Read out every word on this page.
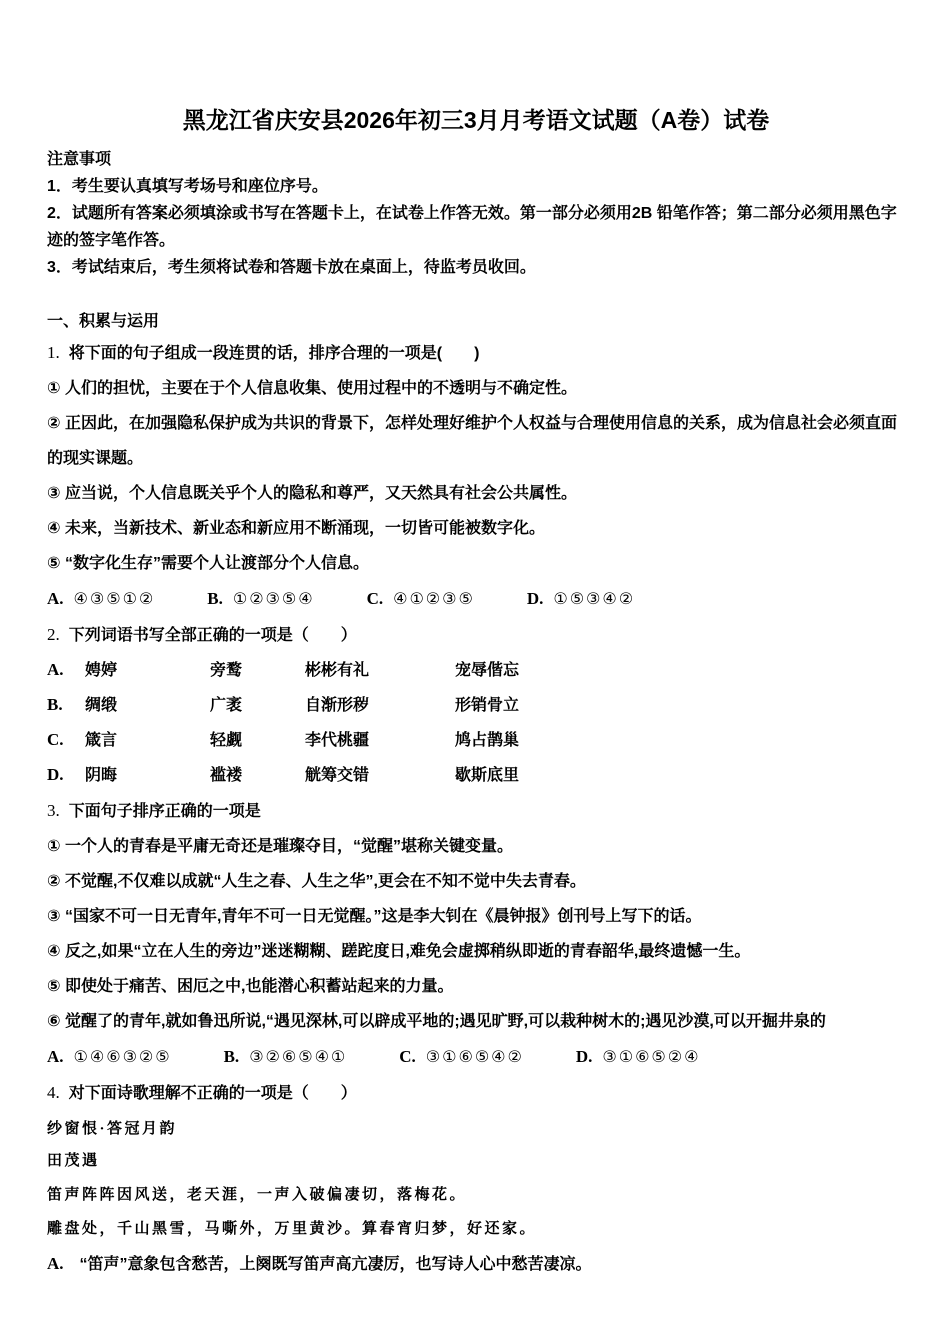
黑龙江省庆安县2026年初三3月月考语文试题（A卷）试卷

注意事项

1．考生要认真填写考场号和座位序号。

2．试题所有答案必须填涂或书写在答题卡上，在试卷上作答无效。第一部分必须用2B 铅笔作答；第二部分必须用黑色字迹的签字笔作答。

3．考试结束后，考生须将试卷和答题卡放在桌面上，待监考员收回。

一、积累与运用

1. 将下面的句子组成一段连贯的话，排序合理的一项是(　　)

① 人们的担忧，主要在于个人信息收集、使用过程中的不透明与不确定性。

② 正因此，在加强隐私保护成为共识的背景下，怎样处理好维护个人权益与合理使用信息的关系，成为信息社会必须直面的现实课题。

③ 应当说，个人信息既关乎个人的隐私和尊严，又天然具有社会公共属性。

④ 未来，当新技术、新业态和新应用不断涌现，一切皆可能被数字化。

⑤ “数字化生存”需要个人让渡部分个人信息。

A. ④③⑤①②	B. ①②③⑤④	C. ④①②③⑤	D. ①⑤③④②

2. 下列词语书写全部正确的一项是（　　）

A. 娉婷	旁鹜	彬彬有礼	宠辱偕忘

B. 绸缎	广袤	自渐形秽	形销骨立

C. 箴言	轻觑	李代桃疆	鸠占鹊巢

D. 阴晦	褴褛	觥筹交错	歇斯底里

3. 下面句子排序正确的一项是

① 一个人的青春是平庸无奇还是璀璨夺目，“觉醒”堪称关键变量。

② 不觉醒,不仅难以成就“人生之春、人生之华”,更会在不知不觉中失去青春。

③ “国家不可一日无青年,青年不可一日无觉醒。”这是李大钊在《晨钟报》创刊号上写下的话。

④ 反之,如果“立在人生的旁边”迷迷糊糊、蹉跎度日,难免会虚掷稍纵即逝的青春韶华,最终遗憾一生。

⑤ 即使处于痛苦、困厄之中,也能潜心积蓄站起来的力量。

⑥ 觉醒了的青年,就如鲁迅所说,“遇见深林,可以辟成平地的;遇见旷野,可以栽种树木的;遇见沙漠,可以开掘井泉的

A. ①④⑥③②⑤	B. ③②⑥⑤④①	C. ③①⑥⑤④②	D. ③①⑥⑤②④

4. 对下面诗歌理解不正确的一项是（　　）

纱窗恨·答冠月韵

田茂遇

笛声阵阵因风送，老天涯，一声入破偏凄切，落梅花。

雕盘处，千山黑雪，马嘶外，万里黄沙。算春宵归梦，好还家。

A. “笛声”意象包含愁苦，上阕既写笛声高亢凄厉，也写诗人心中愁苦凄凉。
